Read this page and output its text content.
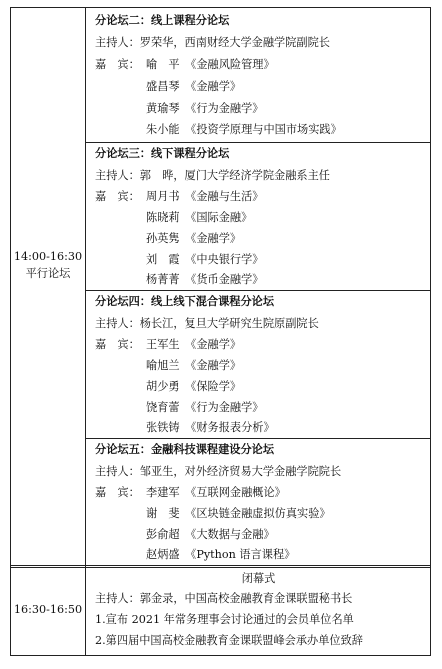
14:00-16:30
平行论坛
分论坛二：线上课程分论坛
主持人：罗荣华，西南财经大学金融学院副院长
嘉　宾： 喻　平　《金融风险管理》
盛昌琴　《金融学》
黄瑜琴　《行为金融学》
朱小能　《投资学原理与中国市场实践》
分论坛三：线下课程分论坛
主持人：郭　晔，厦门大学经济学院金融系主任
嘉　宾： 周月书　《金融与生活》
陈晓莉　《国际金融》
孙英隽　《金融学》
刘　霞　《中央银行学》
杨菁菁　《货币金融学》
分论坛四：线上线下混合课程分论坛
主持人：杨长江，复旦大学研究生院原副院长
嘉　宾： 王军生　《金融学》
喻旭兰　《金融学》
胡少勇　《保险学》
饶育蕾　《行为金融学》
张铁铸　《财务报表分析》
分论坛五：金融科技课程建设分论坛
主持人：邹亚生，对外经济贸易大学金融学院院长
嘉　宾： 李建军　《互联网金融概论》
谢　斐　《区块链金融虚拟仿真实验》
彭俞超　《大数据与金融》
赵炳盛　《Python 语言课程》
16:30-16:50
闭幕式
主持人：郭金录，中国高校金融教育金课联盟秘书长
1.宣布 2021 年常务理事会讨论通过的会员单位名单
2.第四届中国高校金融教育金课联盟峰会承办单位致辞
